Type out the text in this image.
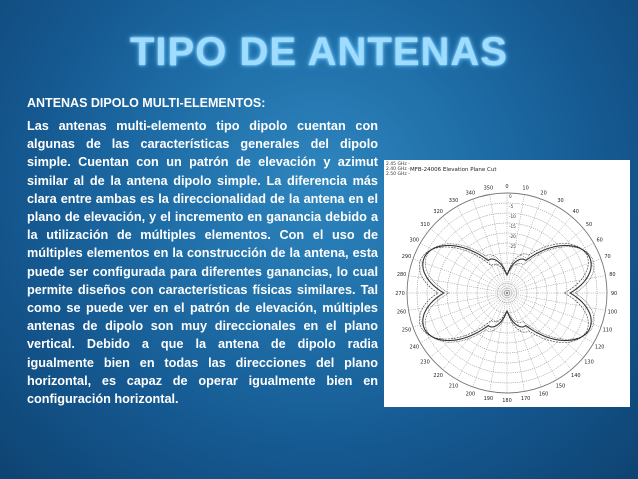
TIPO DE ANTENAS
ANTENAS DIPOLO MULTI-ELEMENTOS:

Las antenas multi-elemento tipo dipolo cuentan con algunas de las características generales del dipolo simple. Cuentan con un patrón de elevación y azimut similar al de la antena dipolo simple. La diferencia más clara entre ambas es la direccionalidad de la antena en el plano de elevación, y el incremento en ganancia debido a la utilización de múltiples elementos. Con el uso de múltiples elementos en la construcción de la antena, esta puede ser configurada para diferentes ganancias, lo cual permite diseños con características físicas similares. Tal como se puede ver en el patrón de elevación, múltiples antenas de dipolo son muy direccionales en el plano vertical. Debido a que la antena de dipolo radia igualmente bien en todas las direcciones del plano horizontal, es capaz de operar igualmente bien en configuración horizontal.

0	10
20
30
40
50
60
70
80
90
100
110
120
130
140
150
160
170
180
190
200
210
220
230
240
250
260
270
280
290
300
310
320
330
340
350
-25
-20
-15
-10
-5
0
MFB-24006 Elevation Plane Cut
2.45 GHz -
2.40 GHz -
2.50 GHz -
